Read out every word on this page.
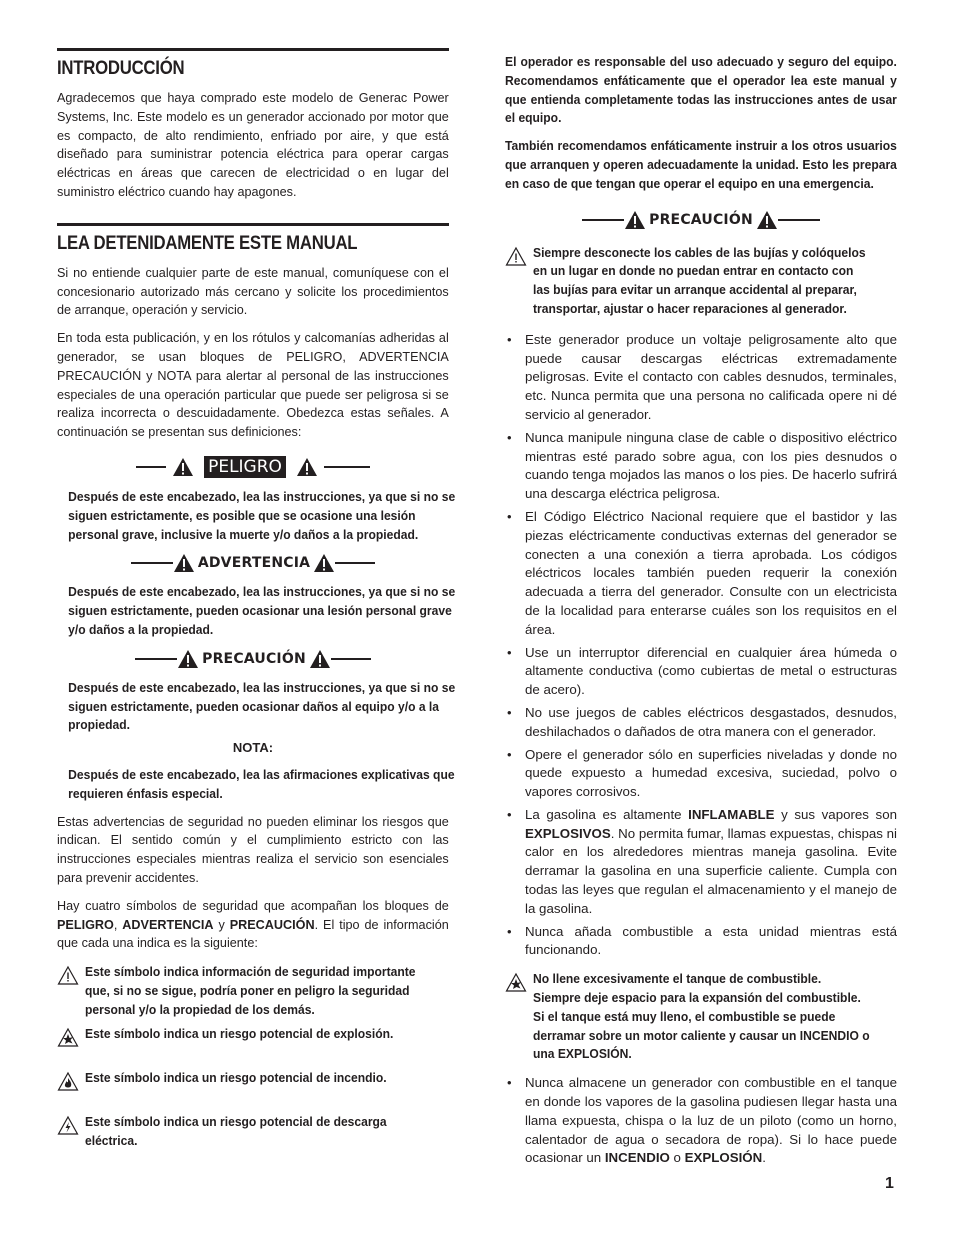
INTRODUCCIÓN

Agradecemos que haya comprado este modelo de Generac Power Systems, Inc. Este modelo es un generador accionado por motor que es compacto, de alto rendimiento, enfriado por aire, y que está diseñado para suministrar potencia eléctrica para operar cargas eléctricas en áreas que carecen de electricidad o en lugar del suministro eléctrico cuando hay apagones.

LEA DETENIDAMENTE ESTE MANUAL

Si no entiende cualquier parte de este manual, comuníquese con el concesionario autorizado más cercano y solicite los procedimientos de arranque, operación y servicio.

En toda esta publicación, y en los rótulos y calcomanías adheridas al generador, se usan bloques de PELIGRO, ADVERTENCIA PRECAUCIÓN y NOTA para alertar al personal de las instrucciones especiales de una operación particular que puede ser peligrosa si se realiza incorrecta o descuidadamente. Obedezca estas señales. A continuación se presentan sus definiciones:

PELIGRO

Después de este encabezado, lea las instrucciones, ya que si no se siguen estrictamente, es posible que se ocasione una lesión personal grave, inclusive la muerte y/o daños a la propiedad.

ADVERTENCIA

Después de este encabezado, lea las instrucciones, ya que si no se siguen estrictamente, pueden ocasionar una lesión personal grave y/o daños a la propiedad.

PRECAUCIÓN

Después de este encabezado, lea las instrucciones, ya que si no se siguen estrictamente, pueden ocasionar daños al equipo y/o a la propiedad.

NOTA:

Después de este encabezado, lea las afirmaciones explicativas que requieren énfasis especial.

Estas advertencias de seguridad no pueden eliminar los riesgos que indican. El sentido común y el cumplimiento estricto con las instrucciones especiales mientras realiza el servicio son esenciales para prevenir accidentes.

Hay cuatro símbolos de seguridad que acompañan los bloques de PELIGRO, ADVERTENCIA y PRECAUCIÓN. El tipo de información que cada una indica es la siguiente:

Este símbolo indica información de seguridad importante que, si no se sigue, podría poner en peligro la seguridad personal y/o la propiedad de los demás.
Este símbolo indica un riesgo potencial de explosión.
Este símbolo indica un riesgo potencial de incendio.
Este símbolo indica un riesgo potencial de descarga eléctrica.

El operador es responsable del uso adecuado y seguro del equipo. Recomendamos enfáticamente que el operador lea este manual y que entienda completamente todas las instrucciones antes de usar el equipo.

También recomendamos enfáticamente instruir a los otros usuarios que arranquen y operen adecuadamente la unidad. Esto les prepara en caso de que tengan que operar el equipo en una emergencia.

PRECAUCIÓN
Siempre desconecte los cables de las bujías y colóquelos en un lugar en donde no puedan entrar en contacto con las bujías para evitar un arranque accidental al preparar, transportar, ajustar o hacer reparaciones al generador.
•	Este generador produce un voltaje peligrosamente alto que puede causar descargas eléctricas extremadamente peligrosas. Evite el contacto con cables desnudos, terminales, etc. Nunca permita que una persona no calificada opere ni dé servicio al generador.
•	Nunca manipule ninguna clase de cable o dispositivo eléctrico mientras esté parado sobre agua, con los pies desnudos o cuando tenga mojados las manos o los pies. De hacerlo sufrirá una descarga eléctrica peligrosa.
•	El Código Eléctrico Nacional requiere que el bastidor y las piezas eléctricamente conductivas externas del generador se conecten a una conexión a tierra aprobada. Los códigos eléctricos locales también pueden requerir la conexión adecuada a tierra del generador. Consulte con un electricista de la localidad para enterarse cuáles son los requisitos en el área.
•	Use un interruptor diferencial en cualquier área húmeda o altamente conductiva (como cubiertas de metal o estructuras de acero).
•	No use juegos de cables eléctricos desgastados, desnudos, deshilachados o dañados de otra manera con el generador.
•	Opere el generador sólo en superficies niveladas y donde no quede expuesto a humedad excesiva, suciedad, polvo o vapores corrosivos.
•	La gasolina es altamente INFLAMABLE y sus vapores son EXPLOSIVOS. No permita fumar, llamas expuestas, chispas ni calor en los alrededores mientras maneja gasolina. Evite derramar la gasolina en una superficie caliente. Cumpla con todas las leyes que regulan el almacenamiento y el manejo de la gasolina.
•	Nunca añada combustible a esta unidad mientras está funcionando.
No llene excesivamente el tanque de combustible. Siempre deje espacio para la expansión del combustible. Si el tanque está muy lleno, el combustible se puede derramar sobre un motor caliente y causar un INCENDIO o una EXPLOSIÓN.
•	Nunca almacene un generador con combustible en el tanque en donde los vapores de la gasolina pudiesen llegar hasta una llama expuesta, chispa o la luz de un piloto (como un horno, calentador de agua o secadora de ropa). Si lo hace puede ocasionar un INCENDIO o EXPLOSIÓN.
1
